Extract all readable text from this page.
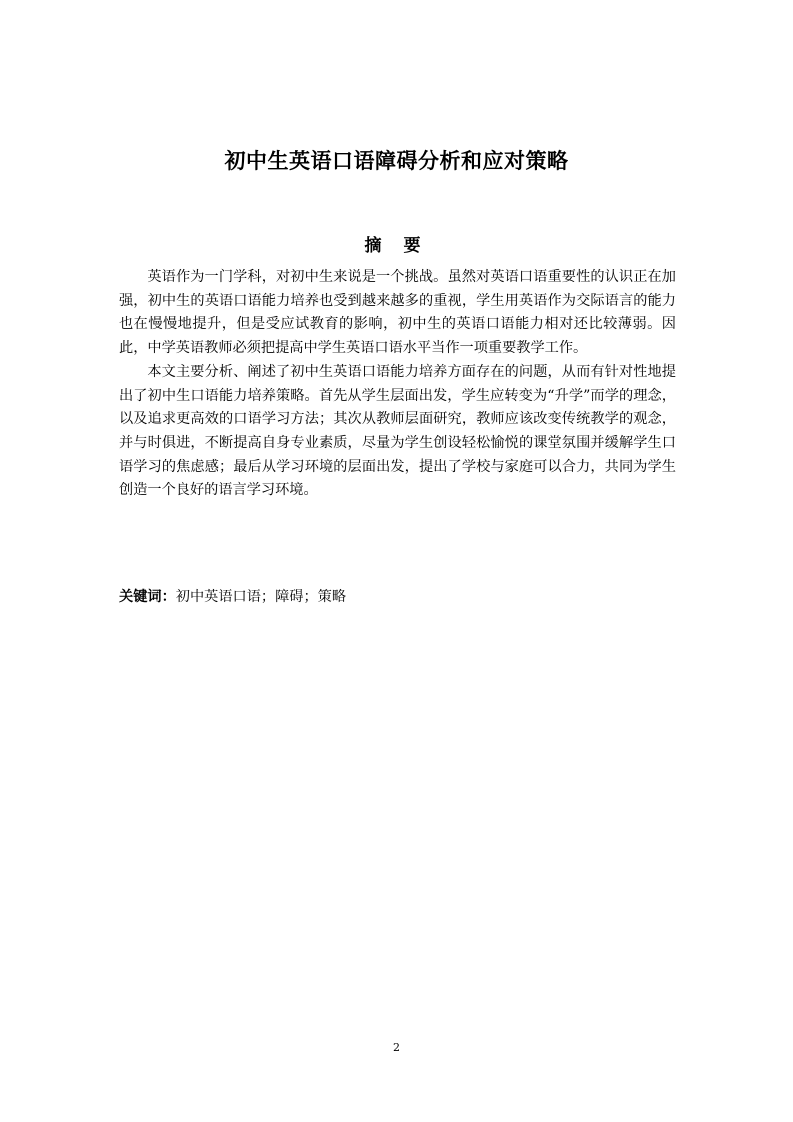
初中生英语口语障碍分析和应对策略
摘 要

英语作为一门学科，对初中生来说是一个挑战。虽然对英语口语重要性的认识正在加强，初中生的英语口语能力培养也受到越来越多的重视，学生用英语作为交际语言的能力也在慢慢地提升，但是受应试教育的影响，初中生的英语口语能力相对还比较薄弱。因此，中学英语教师必须把提高中学生英语口语水平当作一项重要教学工作。

本文主要分析、阐述了初中生英语口语能力培养方面存在的问题，从而有针对性地提出了初中生口语能力培养策略。首先从学生层面出发，学生应转变为“升学”而学的理念，以及追求更高效的口语学习方法；其次从教师层面研究，教师应该改变传统教学的观念，并与时俱进，不断提高自身专业素质，尽量为学生创设轻松愉悦的课堂氛围并缓解学生口语学习的焦虑感；最后从学习环境的层面出发，提出了学校与家庭可以合力，共同为学生创造一个良好的语言学习环境。

关键词：初中英语口语；障碍；策略

2
